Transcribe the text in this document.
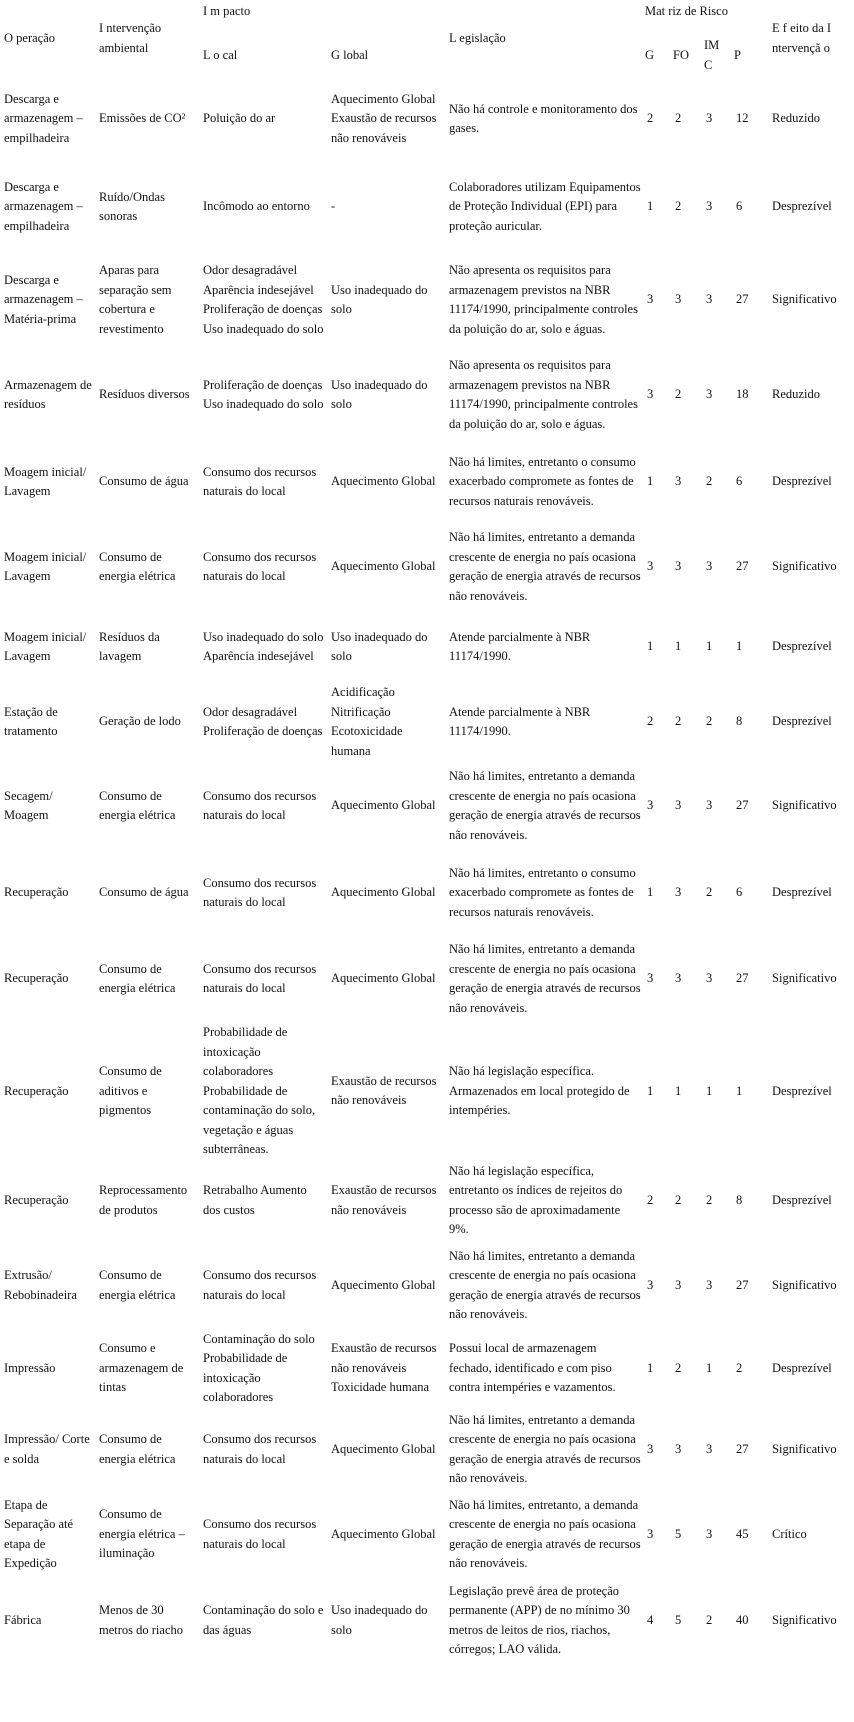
O peração	I ntervenção ambiental	I m pacto		L egislação	Mat riz de Risco				E f eito da I ntervençã o
		L o cal	G lobal		G	FO	IM C	P	
Descarga e armazenagem – empilhadeira	Emissões de CO²	Poluição do ar	Aquecimento Global Exaustão de recursos não renováveis	Não há controle e monitoramento dos gases.	2	2	3	12	Reduzido
Descarga e armazenagem – empilhadeira	Ruído/Ondas sonoras	Incômodo ao entorno	-	Colaboradores utilizam Equipamentos de Proteção Individual (EPI) para proteção auricular.	1	2	3	6	Desprezível
Descarga e armazenagem – Matéria-prima	Aparas para separação sem cobertura e revestimento	Odor desagradável Aparência indesejável Proliferação de doenças Uso inadequado do solo	Uso inadequado do solo	Não apresenta os requisitos para armazenagem previstos na NBR 11174/1990, principalmente controles da poluição do ar, solo e águas.	3	3	3	27	Significativo
Armazenagem de resíduos	Resíduos diversos	Proliferação de doenças Uso inadequado do solo	Uso inadequado do solo	Não apresenta os requisitos para armazenagem previstos na NBR 11174/1990, principalmente controles da poluição do ar, solo e águas.	3	2	3	18	Reduzido
Moagem inicial/ Lavagem	Consumo de água	Consumo dos recursos naturais do local	Aquecimento Global	Não há limites, entretanto o consumo exacerbado compromete as fontes de recursos naturais renováveis.	1	3	2	6	Desprezível
Moagem inicial/ Lavagem	Consumo de energia elétrica	Consumo dos recursos naturais do local	Aquecimento Global	Não há limites, entretanto a demanda crescente de energia no país ocasiona geração de energia através de recursos não renováveis.	3	3	3	27	Significativo
Moagem inicial/ Lavagem	Resíduos da lavagem	Uso inadequado do solo Aparência indesejável	Uso inadequado do solo	Atende parcialmente à NBR 11174/1990.	1	1	1	1	Desprezível
Estação de tratamento	Geração de lodo	Odor desagradável Proliferação de doenças	Acidificação Nitrificação Ecotoxicidade humana	Atende parcialmente à NBR 11174/1990.	2	2	2	8	Desprezível
Secagem/ Moagem	Consumo de energia elétrica	Consumo dos recursos naturais do local	Aquecimento Global	Não há limites, entretanto a demanda crescente de energia no país ocasiona geração de energia através de recursos não renováveis.	3	3	3	27	Significativo
Recuperação	Consumo de água	Consumo dos recursos naturais do local	Aquecimento Global	Não há limites, entretanto o consumo exacerbado compromete as fontes de recursos naturais renováveis.	1	3	2	6	Desprezível
Recuperação	Consumo de energia elétrica	Consumo dos recursos naturais do local	Aquecimento Global	Não há limites, entretanto a demanda crescente de energia no país ocasiona geração de energia através de recursos não renováveis.	3	3	3	27	Significativo
Recuperação	Consumo de aditivos e pigmentos	Probabilidade de intoxicação colaboradores Probabilidade de contaminação do solo, vegetação e águas subterrâneas.	Exaustão de recursos não renováveis	Não há legislação específica. Armazenados em local protegido de intempéries.	1	1	1	1	Desprezível
Recuperação	Reprocessamento de produtos	Retrabalho Aumento dos custos	Exaustão de recursos não renováveis	Não há legislação específica, entretanto os índices de rejeitos do processo são de aproximadamente 9%.	2	2	2	8	Desprezível
Extrusão/ Rebobinadeira	Consumo de energia elétrica	Consumo dos recursos naturais do local	Aquecimento Global	Não há limites, entretanto a demanda crescente de energia no país ocasiona geração de energia através de recursos não renováveis.	3	3	3	27	Significativo
Impressão	Consumo e armazenagem de tintas	Contaminação do solo Probabilidade de intoxicação colaboradores	Exaustão de recursos não renováveis Toxicidade humana	Possui local de armazenagem fechado, identificado e com piso contra intempéries e vazamentos.	1	2	1	2	Desprezível
Impressão/ Corte e solda	Consumo de energia elétrica	Consumo dos recursos naturais do local	Aquecimento Global	Não há limites, entretanto a demanda crescente de energia no país ocasiona geração de energia através de recursos não renováveis.	3	3	3	27	Significativo
Etapa de Separação até etapa de Expedição	Consumo de energia elétrica – iluminação	Consumo dos recursos naturais do local	Aquecimento Global	Não há limites, entretanto, a demanda crescente de energia no país ocasiona geração de energia através de recursos não renováveis.	3	5	3	45	Crítico
Fábrica	Menos de 30 metros do riacho	Contaminação do solo e das águas	Uso inadequado do solo	Legislação prevê área de proteção permanente (APP) de no mínimo 30 metros de leitos de rios, riachos, córregos; LAO válida.	4	5	2	40	Significativo
